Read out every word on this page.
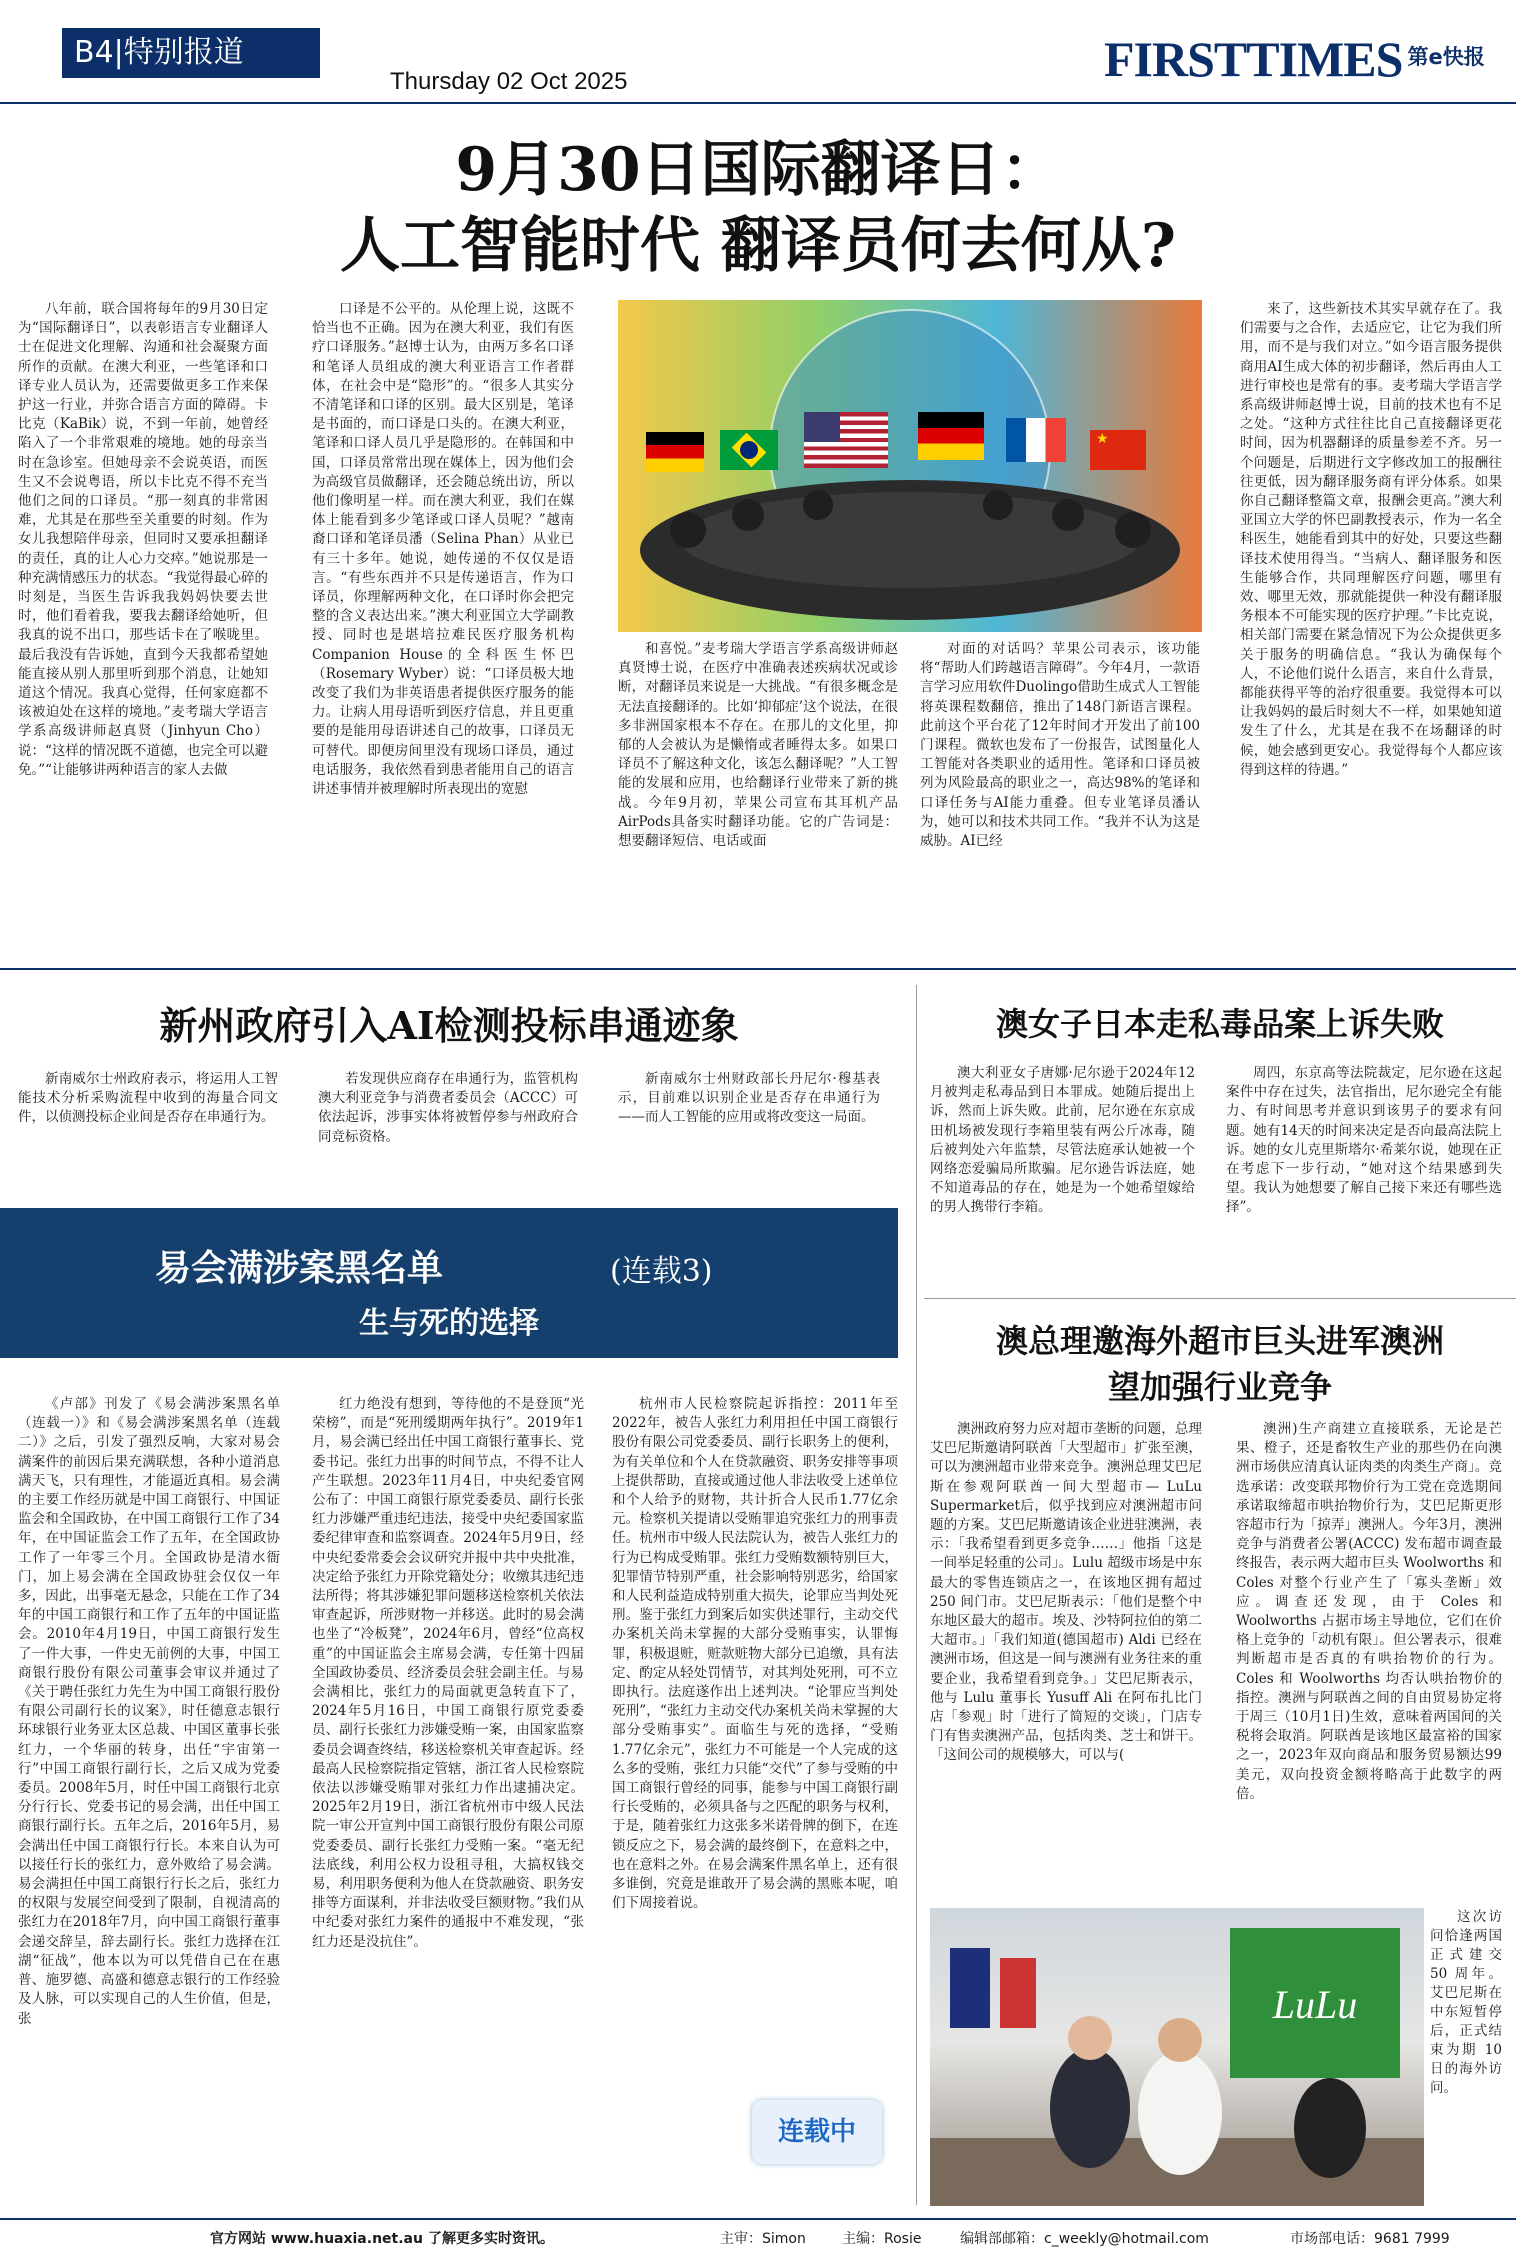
B4|特别报道
Thursday 02 Oct 2025	FIRSTTIMES 第e快报
9月30日国际翻译日：
人工智能时代 翻译员何去何从?

八年前，联合国将每年的9月30日定为“国际翻译日”，以表彰语言专业翻译人士在促进文化理解、沟通和社会凝聚方面所作的贡献。在澳大利亚，一些笔译和口译专业人员认为，还需要做更多工作来保护这一行业，并弥合语言方面的障碍。卡比克（KaBik）说，不到一年前，她曾经陷入了一个非常艰难的境地。她的母亲当时在急诊室。但她母亲不会说英语，而医生又不会说粤语，所以卡比克不得不充当他们之间的口译员。“那一刻真的非常困难，尤其是在那些至关重要的时刻。作为女儿我想陪伴母亲，但同时又要承担翻译的责任，真的让人心力交瘁。”她说那是一种充满情感压力的状态。“我觉得最心碎的时刻是，当医生告诉我我妈妈快要去世时，他们看着我，要我去翻译给她听，但我真的说不出口，那些话卡在了喉咙里。最后我没有告诉她，直到今天我都希望她能直接从别人那里听到那个消息，让她知道这个情况。我真心觉得，任何家庭都不该被迫处在这样的境地。”麦考瑞大学语言学系高级讲师赵真贤（Jinhyun Cho）说：“这样的情况既不道德，也完全可以避免。”“让能够讲两种语言的家人去做

口译是不公平的。从伦理上说，这既不恰当也不正确。因为在澳大利亚，我们有医疗口译服务。”赵博士认为，由两万多名口译和笔译人员组成的澳大利亚语言工作者群体，在社会中是“隐形”的。“很多人其实分不清笔译和口译的区别。最大区别是，笔译是书面的，而口译是口头的。在澳大利亚，笔译和口译人员几乎是隐形的。在韩国和中国，口译员常常出现在媒体上，因为他们会为高级官员做翻译，还会随总统出访，所以他们像明星一样。而在澳大利亚，我们在媒体上能看到多少笔译或口译人员呢？”越南裔口译和笔译员潘（Selina Phan）从业已有三十多年。她说，她传递的不仅仅是语言。“有些东西并不只是传递语言，作为口译员，你理解两种文化，在口译时你会把完整的含义表达出来。”澳大利亚国立大学副教授、同时也是堪培拉难民医疗服务机构Companion House的全科医生怀巴（Rosemary Wyber）说：“口译员极大地改变了我们为非英语患者提供医疗服务的能力。让病人用母语听到医疗信息，并且更重要的是能用母语讲述自己的故事，口译员无可替代。即便房间里没有现场口译员，通过电话服务，我依然看到患者能用自己的语言讲述事情并被理解时所表现出的宽慰

★

和喜悦。”麦考瑞大学语言学系高级讲师赵真贤博士说，在医疗中准确表述疾病状况或诊断，对翻译员来说是一大挑战。“有很多概念是无法直接翻译的。比如‘抑郁症’这个说法，在很多非洲国家根本不存在。在那儿的文化里，抑郁的人会被认为是懒惰或者睡得太多。如果口译员不了解这种文化，该怎么翻译呢？”人工智能的发展和应用，也给翻译行业带来了新的挑战。今年9月初，苹果公司宣布其耳机产品AirPods具备实时翻译功能。它的广告词是：想要翻译短信、电话或面

对面的对话吗？苹果公司表示，该功能将“帮助人们跨越语言障碍”。今年4月，一款语言学习应用软件Duolingo借助生成式人工智能将英课程数翻倍，推出了148门新语言课程。此前这个平台花了12年时间才开发出了前100门课程。微软也发布了一份报告，试图量化人工智能对各类职业的适用性。笔译和口译员被列为风险最高的职业之一，高达98%的笔译和口译任务与AI能力重叠。但专业笔译员潘认为，她可以和技术共同工作。“我并不认为这是威胁。AI已经

来了，这些新技术其实早就存在了。我们需要与之合作，去适应它，让它为我们所用，而不是与我们对立。”如今语言服务提供商用AI生成大体的初步翻译，然后再由人工进行审校也是常有的事。麦考瑞大学语言学系高级讲师赵博士说，目前的技术也有不足之处。“这种方式往往比自己直接翻译更花时间，因为机器翻译的质量参差不齐。另一个问题是，后期进行文字修改加工的报酬往往更低，因为翻译服务商有评分体系。如果你自己翻译整篇文章，报酬会更高。”澳大利亚国立大学的怀巴副教授表示，作为一名全科医生，她能看到其中的好处，只要这些翻译技术使用得当。“当病人、翻译服务和医生能够合作，共同理解医疗问题，哪里有效、哪里无效，那就能提供一种没有翻译服务根本不可能实现的医疗护理。”卡比克说，相关部门需要在紧急情况下为公众提供更多关于服务的明确信息。“我认为确保每个人，不论他们说什么语言，来自什么背景，都能获得平等的治疗很重要。我觉得本可以让我妈妈的最后时刻大不一样，如果她知道发生了什么，尤其是在我不在场翻译的时候，她会感到更安心。我觉得每个人都应该得到这样的待遇。”

新州政府引入AI检测投标串通迹象

新南威尔士州政府表示，将运用人工智能技术分析采购流程中收到的海量合同文件，以侦测投标企业间是否存在串通行为。

若发现供应商存在串通行为，监管机构澳大利亚竞争与消费者委员会（ACCC）可依法起诉，涉事实体将被暂停参与州政府合同竞标资格。

新南威尔士州财政部长丹尼尔·穆基表示，目前难以识别企业是否存在串通行为——而人工智能的应用或将改变这一局面。

澳女子日本走私毒品案上诉失败

澳大利亚女子唐娜·尼尔逊于2024年12月被判走私毒品到日本罪成。她随后提出上诉，然而上诉失败。此前，尼尔逊在东京成田机场被发现行李箱里装有两公斤冰毒，随后被判处六年监禁，尽管法庭承认她被一个网络恋爱骗局所欺骗。尼尔逊告诉法庭，她不知道毒品的存在，她是为一个她希望嫁给的男人携带行李箱。

周四，东京高等法院裁定，尼尔逊在这起案件中存在过失，法官指出，尼尔逊完全有能力、有时间思考并意识到该男子的要求有问题。她有14天的时间来决定是否向最高法院上诉。她的女儿克里斯塔尔·希莱尔说，她现在正在考虑下一步行动，“她对这个结果感到失望。我认为她想要了解自己接下来还有哪些选择”。

易会满涉案黑名单	(连载3)
生与死的选择

《卢部》刊发了《易会满涉案黑名单（连载一）》和《易会满涉案黑名单（连载二）》之后，引发了强烈反响，大家对易会满案件的前因后果充满联想，各种小道消息满天飞，只有理性，才能逼近真相。易会满的主要工作经历就是中国工商银行、中国证监会和全国政协，在中国工商银行工作了34年，在中国证监会工作了五年，在全国政协工作了一年零三个月。全国政协是清水衙门，加上易会满在全国政协驻会仅仅一年多，因此，出事毫无悬念，只能在工作了34年的中国工商银行和工作了五年的中国证监会。2010年4月19日，中国工商银行发生了一件大事，一件史无前例的大事，中国工商银行股份有限公司董事会审议并通过了《关于聘任张红力先生为中国工商银行股份有限公司副行长的议案》，时任德意志银行环球银行业务亚太区总裁、中国区董事长张红力，一个华丽的转身，出任“宇宙第一行”中国工商银行副行长，之后又成为党委委员。2008年5月，时任中国工商银行北京分行行长、党委书记的易会满，出任中国工商银行副行长。五年之后，2016年5月，易会满出任中国工商银行行长。本来自认为可以接任行长的张红力，意外败给了易会满。易会满担任中国工商银行行长之后，张红力的权限与发展空间受到了限制，自视清高的张红力在2018年7月，向中国工商银行董事会递交辞呈，辞去副行长。张红力选择在江湖“征战”，他本以为可以凭借自己在在惠普、施罗德、高盛和德意志银行的工作经验及人脉，可以实现自己的人生价值，但是，张

红力绝没有想到，等待他的不是登顶“光荣榜”，而是“死刑缓期两年执行”。2019年1月，易会满已经出任中国工商银行董事长、党委书记。张红力出事的时间节点，不得不让人产生联想。2023年11月4日，中央纪委官网公布了：中国工商银行原党委委员、副行长张红力涉嫌严重违纪违法，接受中央纪委国家监委纪律审查和监察调查。2024年5月9日，经中央纪委常委会会议研究并报中共中央批准，决定给予张红力开除党籍处分；收缴其违纪违法所得；将其涉嫌犯罪问题移送检察机关依法审查起诉，所涉财物一并移送。此时的易会满也坐了“冷板凳”，2024年6月，曾经“位高权重”的中国证监会主席易会满，专任第十四届全国政协委员、经济委员会驻会副主任。与易会满相比，张红力的局面就更急转直下了，2024年5月16日，中国工商银行原党委委员、副行长张红力涉嫌受贿一案，由国家监察委员会调查终结，移送检察机关审查起诉。经最高人民检察院指定管辖，浙江省人民检察院依法以涉嫌受贿罪对张红力作出逮捕决定。2025年2月19日，浙江省杭州市中级人民法院一审公开宣判中国工商银行股份有限公司原党委委员、副行长张红力受贿一案。“毫无纪法底线，利用公权力设租寻租，大搞权钱交易，利用职务便利为他人在贷款融资、职务安排等方面谋利，并非法收受巨额财物。”我们从中纪委对张红力案件的通报中不难发现，“张红力还是没抗住”。

杭州市人民检察院起诉指控：2011年至2022年，被告人张红力利用担任中国工商银行股份有限公司党委委员、副行长职务上的便利，为有关单位和个人在贷款融资、职务安排等事项上提供帮助，直接或通过他人非法收受上述单位和个人给予的财物，共计折合人民币1.77亿余元。检察机关提请以受贿罪追究张红力的刑事责任。杭州市中级人民法院认为，被告人张红力的行为已构成受贿罪。张红力受贿数额特别巨大，犯罪情节特别严重，社会影响特别恶劣，给国家和人民利益造成特别重大损失，论罪应当判处死刑。鉴于张红力到案后如实供述罪行，主动交代办案机关尚未掌握的大部分受贿事实，认罪悔罪，积极退赃，赃款赃物大部分已追缴，具有法定、酌定从轻处罚情节，对其判处死刑，可不立即执行。法庭遂作出上述判决。“论罪应当判处死刑”，“张红力主动交代办案机关尚未掌握的大部分受贿事实”。面临生与死的选择，“受贿1.77亿余元”，张红力不可能是一个人完成的这么多的受贿，张红力只能“交代”了参与受贿的中国工商银行曾经的同事，能参与中国工商银行副行长受贿的，必须具备与之匹配的职务与权利，于是，随着张红力这张多米诺骨牌的倒下，在连锁反应之下，易会满的最终倒下，在意料之中，也在意料之外。在易会满案件黑名单上，还有很多谁倒，究竟是谁敢开了易会满的黑账本呢，咱们下周接着说。

连载中
澳总理邀海外超市巨头进军澳洲
望加强行业竞争

澳洲政府努力应对超市垄断的问题，总理艾巴尼斯邀请阿联酋「大型超市」扩张至澳，可以为澳洲超市业带来竞争。澳洲总理艾巴尼斯在参观阿联酋一间大型超市— LuLu Supermarket后，似乎找到应对澳洲超市问题的方案。艾巴尼斯邀请该企业进驻澳洲，表示：「我希望看到更多竞争……」他指「这是一间举足轻重的公司」。Lulu 超级市场是中东最大的零售连锁店之一，在该地区拥有超过 250 间门市。艾巴尼斯表示：「他们是整个中东地区最大的超市。埃及、沙特阿拉伯的第二大超市。」「我们知道(德国超市) Aldi 已经在澳洲市场，但这是一间与澳洲有业务往来的重要企业，我希望看到竞争。」艾巴尼斯表示，他与 Lulu 董事长 Yusuff Ali 在阿布扎比门店「参观」时「进行了简短的交谈」，门店专门有售卖澳洲产品，包括肉类、芝士和饼干。「这间公司的规模够大，可以与(

澳洲)生产商建立直接联系，无论是芒果、橙子，还是畜牧生产业的那些仍在向澳洲市场供应清真认证肉类的肉类生产商」。竞选承诺：改变联邦物价行为工党在竞选期间承诺取缔超市哄抬物价行为，艾巴尼斯更形容超市行为「掠弄」澳洲人。今年3月，澳洲竞争与消费者公署(ACCC) 发布超市调查最终报告，表示两大超市巨头 Woolworths 和 Coles 对整个行业产生了「寡头垄断」效应。调查还发现，由于 Coles 和 Woolworths 占据市场主导地位，它们在价格上竞争的「动机有限」。但公署表示，很难判断超市是否真的有哄抬物价的行为。Coles 和 Woolworths 均否认哄抬物价的指控。澳洲与阿联酋之间的自由贸易协定将于周三（10月1日)生效，意味着两国间的关税将会取消。阿联酋是该地区最富裕的国家之一，2023年双向商品和服务贸易额达99美元，双向投资金额将略高于此数字的两倍。

LuLu

这次访问恰逢两国正式建交 50 周年。艾巴尼斯在中东短暂停后，正式结束为期 10 日的海外访问。

官方网站 www.huaxia.net.au 了解更多实时资讯。	主审：Simon	主编：Rosie	编辑部邮箱：c_weekly@hotmail.com	市场部电话：9681 7999
